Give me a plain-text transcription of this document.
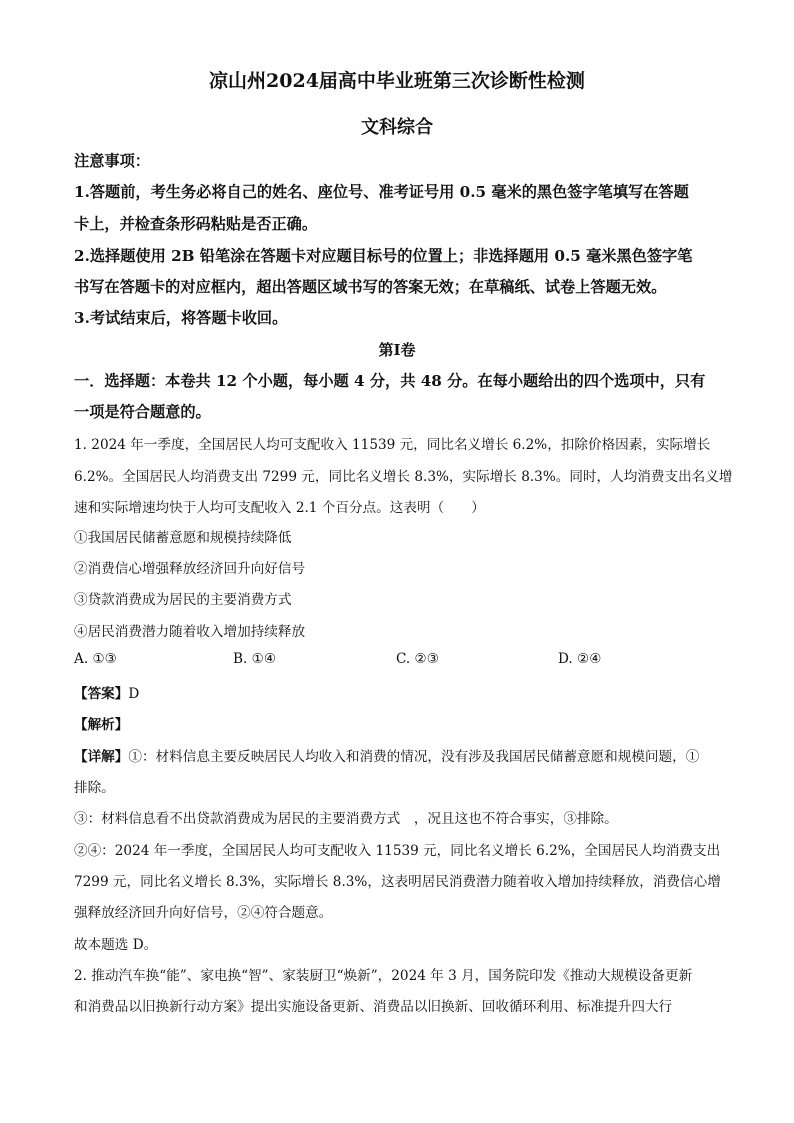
凉山州2024届高中毕业班第三次诊断性检测
文科综合
注意事项：
1.答题前，考生务必将自己的姓名、座位号、准考证号用 0.5 毫米的黑色签字笔填写在答题
卡上，并检查条形码粘贴是否正确。
2.选择题使用 2B 铅笔涂在答题卡对应题目标号的位置上；非选择题用 0.5 毫米黑色签字笔
书写在答题卡的对应框内，超出答题区域书写的答案无效；在草稿纸、试卷上答题无效。
3.考试结束后，将答题卡收回。
第Ⅰ卷
一．选择题：本卷共 12 个小题，每小题 4 分，共 48 分。在每小题给出的四个选项中，只有
一项是符合题意的。
1. 2024 年一季度，全国居民人均可支配收入 11539 元，同比名义增长 6.2%，扣除价格因素，实际增长
6.2%。全国居民人均消费支出 7299 元，同比名义增长 8.3%，实际增长 8.3%。同时，人均消费支出名义增
速和实际增速均快于人均可支配收入 2.1 个百分点。这表明（　　）
①我国居民储蓄意愿和规模持续降低
②消费信心增强释放经济回升向好信号
③贷款消费成为居民的主要消费方式
④居民消费潜力随着收入增加持续释放
A. ①③	B. ①④	C. ②③	D. ②④
【答案】D
【解析】
【详解】①：材料信息主要反映居民人均收入和消费的情况，没有涉及我国居民储蓄意愿和规模问题，①
排除。
③：材料信息看不出贷款消费成为居民的主要消费方式　，况且这也不符合事实，③排除。
②④：2024 年一季度，全国居民人均可支配收入 11539 元，同比名义增长 6.2%，全国居民人均消费支出
7299 元，同比名义增长 8.3%，实际增长 8.3%，这表明居民消费潜力随着收入增加持续释放，消费信心增
强释放经济回升向好信号，②④符合题意。
故本题选 D。
2. 推动汽车换“能”、家电换“智”、家装厨卫“焕新”，2024 年 3 月，国务院印发《推动大规模设备更新
和消费品以旧换新行动方案》提出实施设备更新、消费品以旧换新、回收循环利用、标准提升四大行
